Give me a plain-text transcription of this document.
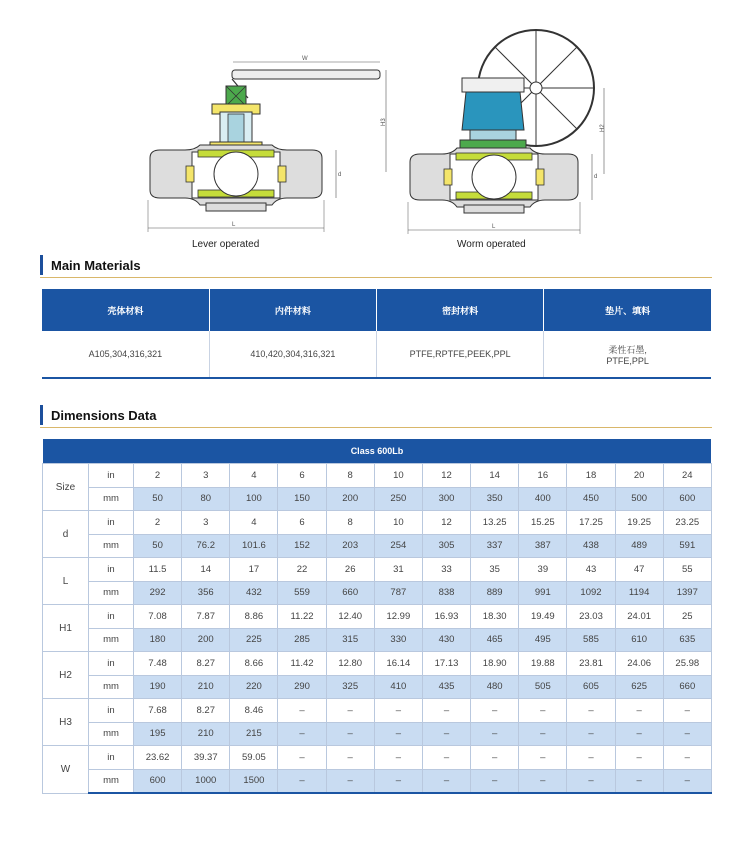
W
H3
d
L
H2
d
L
Lever operated	Worm operated
Main Materials
壳体材料	内件材料	密封材料	垫片、填料
A105,304,316,321	410,420,304,316,321	PTFE,RPTFE,PEEK,PPL	柔性石墨,
PTFE,PPL
Dimensions Data
Class 600Lb													
Size	in	2	3	4	6	8	10	12	14	16	18	20	24
	mm	50	80	100	150	200	250	300	350	400	450	500	600
d	in	2	3	4	6	8	10	12	13.25	15.25	17.25	19.25	23.25
	mm	50	76.2	101.6	152	203	254	305	337	387	438	489	591
L	in	11.5	14	17	22	26	31	33	35	39	43	47	55
	mm	292	356	432	559	660	787	838	889	991	1092	1194	1397
H1	in	7.08	7.87	8.86	11.22	12.40	12.99	16.93	18.30	19.49	23.03	24.01	25
	mm	180	200	225	285	315	330	430	465	495	585	610	635
H2	in	7.48	8.27	8.66	11.42	12.80	16.14	17.13	18.90	19.88	23.81	24.06	25.98
	mm	190	210	220	290	325	410	435	480	505	605	625	660
H3	in	7.68	8.27	8.46	–	–	–	–	–	–	–	–	–
	mm	195	210	215	–	–	–	–	–	–	–	–	–
W	in	23.62	39.37	59.05	–	–	–	–	–	–	–	–	–
	mm	600	1000	1500	–	–	–	–	–	–	–	–	–
